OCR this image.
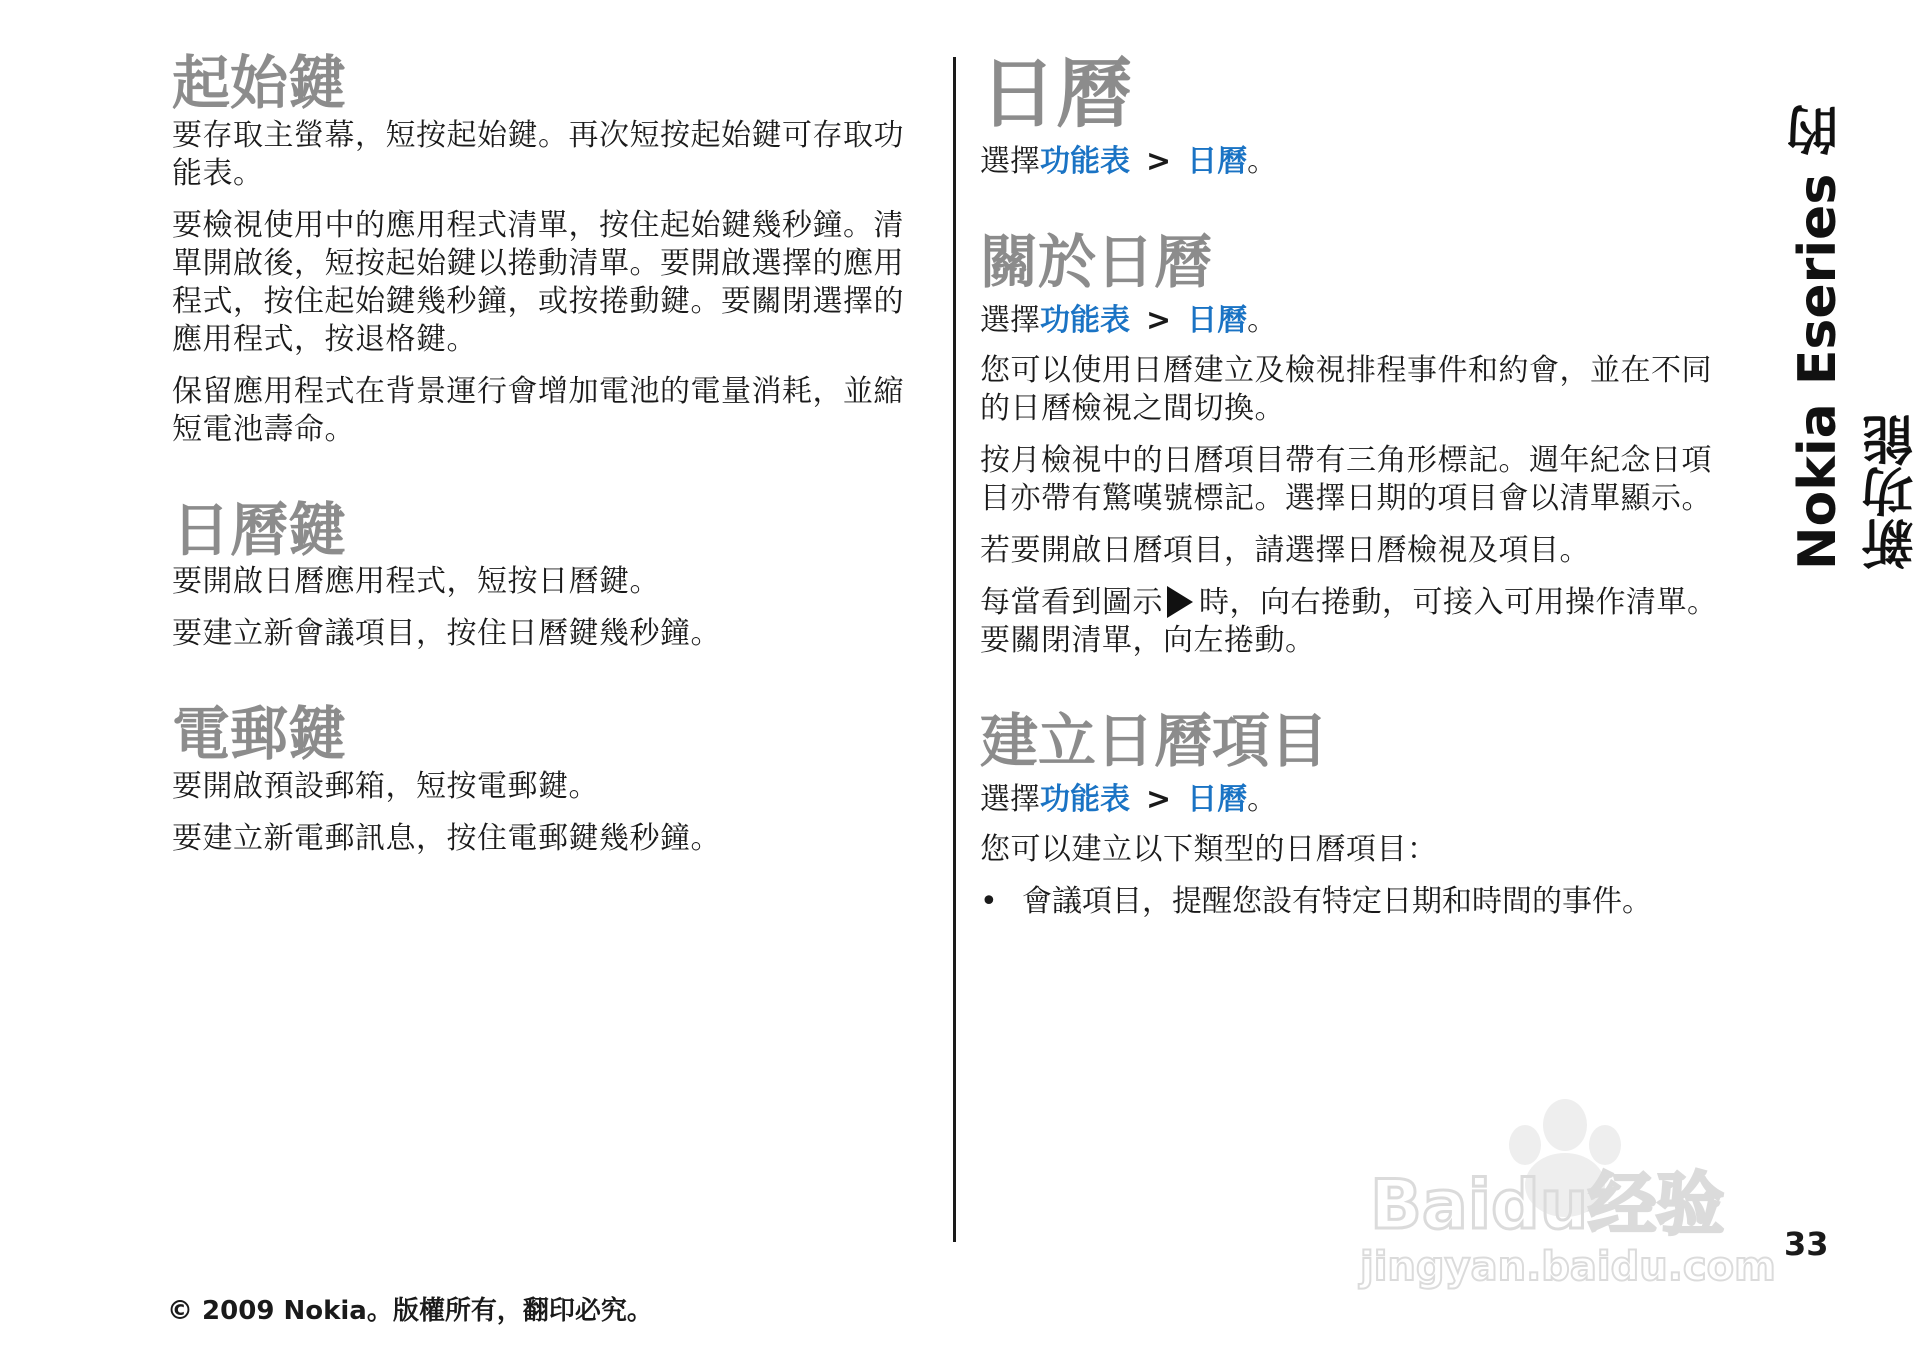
起始鍵

要存取主螢幕，短按起始鍵。再次短按起始鍵可存取功能表。

要檢視使用中的應用程式清單，按住起始鍵幾秒鐘。清單開啟後，短按起始鍵以捲動清單。要開啟選擇的應用程式，按住起始鍵幾秒鐘，或按捲動鍵。要關閉選擇的應用程式，按退格鍵。

保留應用程式在背景運行會增加電池的電量消耗，並縮短電池壽命。

日曆鍵

要開啟日曆應用程式，短按日曆鍵。

要建立新會議項目，按住日曆鍵幾秒鐘。

電郵鍵

要開啟預設郵箱，短按電郵鍵。

要建立新電郵訊息，按住電郵鍵幾秒鐘。

日曆
選擇功能表 > 日曆。
關於日曆
選擇功能表 > 日曆。

您可以使用日曆建立及檢視排程事件和約會，並在不同的日曆檢視之間切換。

按月檢視中的日曆項目帶有三角形標記。週年紀念日項目亦帶有驚嘆號標記。選擇日期的項目會以清單顯示。

若要開啟日曆項目，請選擇日曆檢視及項目。

每當看到圖示 時，向右捲動，可接入可用操作清單。要關閉清單，向左捲動。

建立日曆項目
選擇功能表 > 日曆。

您可以建立以下類型的日曆項目：

• 會議項目，提醒您設有特定日期和時間的事件。
Nokia Eseries 的新功能
Baidu经验
jingyan.baidu.com 33
© 2009 Nokia。版權所有，翻印必究。
